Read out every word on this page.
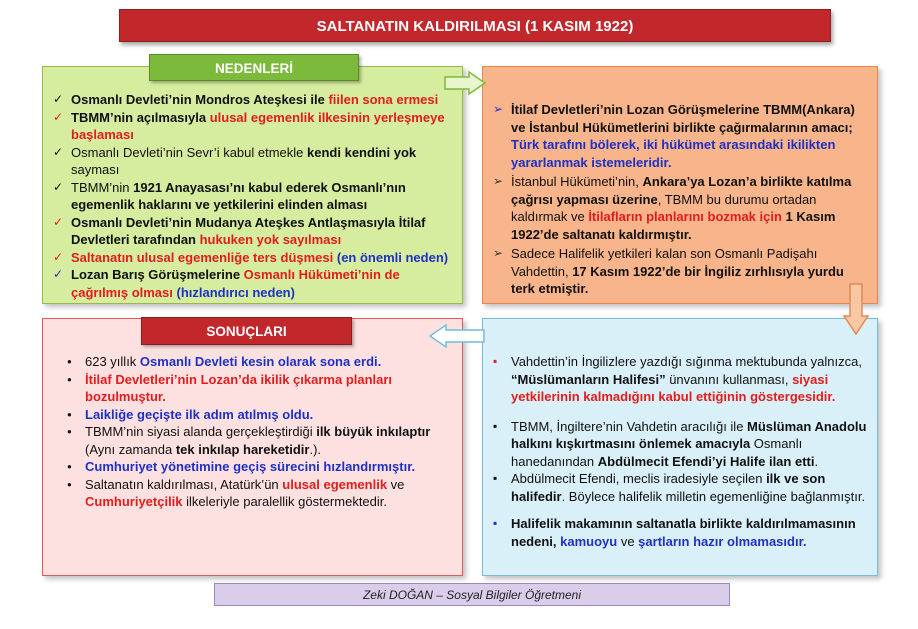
SALTANATIN KALDIRILMASI (1 KASIM 1922)
✓ Osmanlı Devleti’nin Mondros Ateşkesi ile fiilen sona ermesi
✓ TBMM’nin açılmasıyla ulusal egemenlik ilkesinin yerleşmeye başlaması
✓ Osmanlı Devleti’nin Sevr’i kabul etmekle kendi kendini yok sayması
✓ TBMM’nin 1921 Anayasası’nı kabul ederek Osmanlı’nın egemenlik haklarını ve yetkilerini elinden alması
✓ Osmanlı Devleti’nin Mudanya Ateşkes Antlaşmasıyla İtilaf Devletleri tarafından hukuken yok sayılması
✓ Saltanatın ulusal egemenliğe ters düşmesi (en önemli neden)
✓ Lozan Barış Görüşmelerine Osmanlı Hükümeti’nin de çağrılmış olması (hızlandırıcı neden)
NEDENLERİ
➢ İtilaf Devletleri’nin Lozan Görüşmelerine TBMM(Ankara) ve İstanbul Hükümetlerini birlikte çağırmalarının amacı; Türk tarafını bölerek, iki hükümet arasındaki ikilikten yararlanmak istemeleridir.
➢ İstanbul Hükümeti’nin, Ankara’ya Lozan’a birlikte katılma çağrısı yapması üzerine, TBMM bu durumu ortadan kaldırmak ve İtilafların planlarını bozmak için 1 Kasım 1922’de saltanatı kaldırmıştır.
➢ Sadece Halifelik yetkileri kalan son Osmanlı Padişahı Vahdettin, 17 Kasım 1922’de bir İngiliz zırhlısıyla yurdu terk etmiştir.
● 623 yıllık Osmanlı Devleti kesin olarak sona erdi.
● İtilaf Devletleri’nin Lozan’da ikilik çıkarma planları bozulmuştur.
● Laikliğe geçişte ilk adım atılmış oldu.
● TBMM’nin siyasi alanda gerçekleştirdiği ilk büyük inkılaptır (Aynı zamanda tek inkılap hareketidir.).
● Cumhuriyet yönetimine geçiş sürecini hızlandırmıştır.
● Saltanatın kaldırılması, Atatürk’ün ulusal egemenlik ve Cumhuriyetçilik ilkeleriyle paralellik göstermektedir.
SONUÇLARI
▪ Vahdettin’in İngilizlere yazdığı sığınma mektubunda yalnızca, “Müslümanların Halifesi” ünvanını kullanması, siyasi yetkilerinin kalmadığını kabul ettiğinin göstergesidir.
▪ TBMM, İngiltere’nin Vahdetin aracılığı ile Müslüman Anadolu halkını kışkırtmasını önlemek amacıyla Osmanlı hanedanından Abdülmecit Efendi’yi Halife ilan etti.
▪ Abdülmecit Efendi, meclis iradesiyle seçilen ilk ve son halifedir. Böylece halifelik milletin egemenliğine bağlanmıştır.
▪ Halifelik makamının saltanatla birlikte kaldırılmamasının nedeni, kamuoyu ve şartların hazır olmamasıdır.
Zeki DOĞAN – Sosyal Bilgiler Öğretmeni
